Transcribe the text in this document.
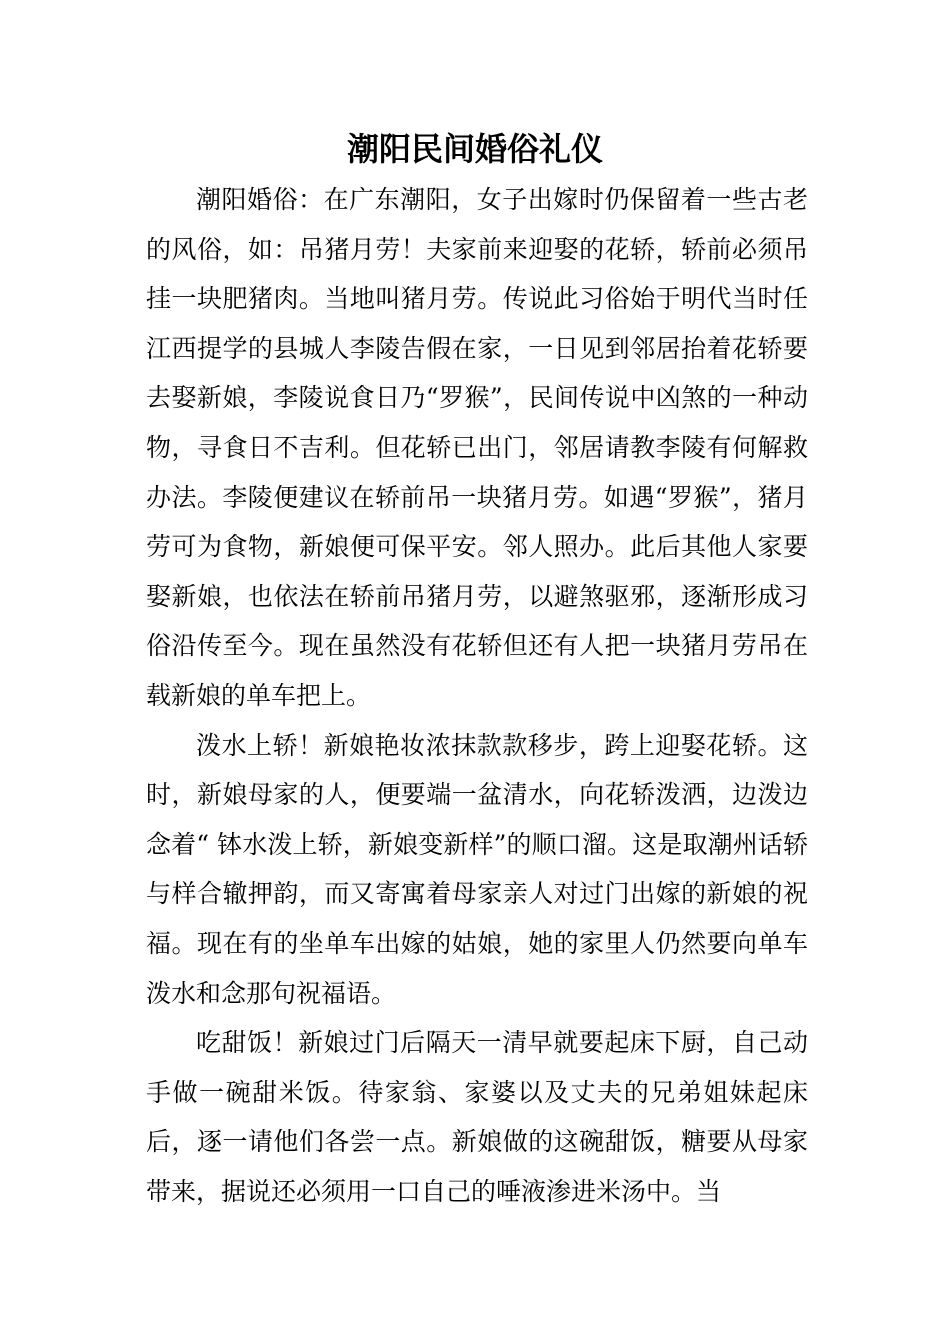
潮阳民间婚俗礼仪

潮阳婚俗：在广东潮阳，女子出嫁时仍保留着一些古老的风俗，如：吊猪月劳！夫家前来迎娶的花轿，轿前必须吊挂一块肥猪肉。当地叫猪月劳。传说此习俗始于明代当时任江西提学的县城人李陵告假在家，一日见到邻居抬着花轿要去娶新娘，李陵说食日乃“罗猴”，民间传说中凶煞的一种动物，寻食日不吉利。但花轿已出门，邻居请教李陵有何解救办法。李陵便建议在轿前吊一块猪月劳。如遇“罗猴”，猪月劳可为食物，新娘便可保平安。邻人照办。此后其他人家要娶新娘，也依法在轿前吊猪月劳，以避煞驱邪，逐渐形成习俗沿传至今。现在虽然没有花轿但还有人把一块猪月劳吊在载新娘的单车把上。

泼水上轿！新娘艳妆浓抹款款移步，跨上迎娶花轿。这时，新娘母家的人，便要端一盆清水，向花轿泼洒，边泼边念着“ 钵水泼上轿，新娘变新样”的顺口溜。这是取潮州话轿与样合辙押韵，而又寄寓着母家亲人对过门出嫁的新娘的祝福。现在有的坐单车出嫁的姑娘，她的家里人仍然要向单车泼水和念那句祝福语。

吃甜饭！新娘过门后隔天一清早就要起床下厨，自己动手做一碗甜米饭。待家翁、家婆以及丈夫的兄弟姐妹起床后，逐一请他们各尝一点。新娘做的这碗甜饭，糖要从母家带来，据说还必须用一口自己的唾液渗进米汤中。当
